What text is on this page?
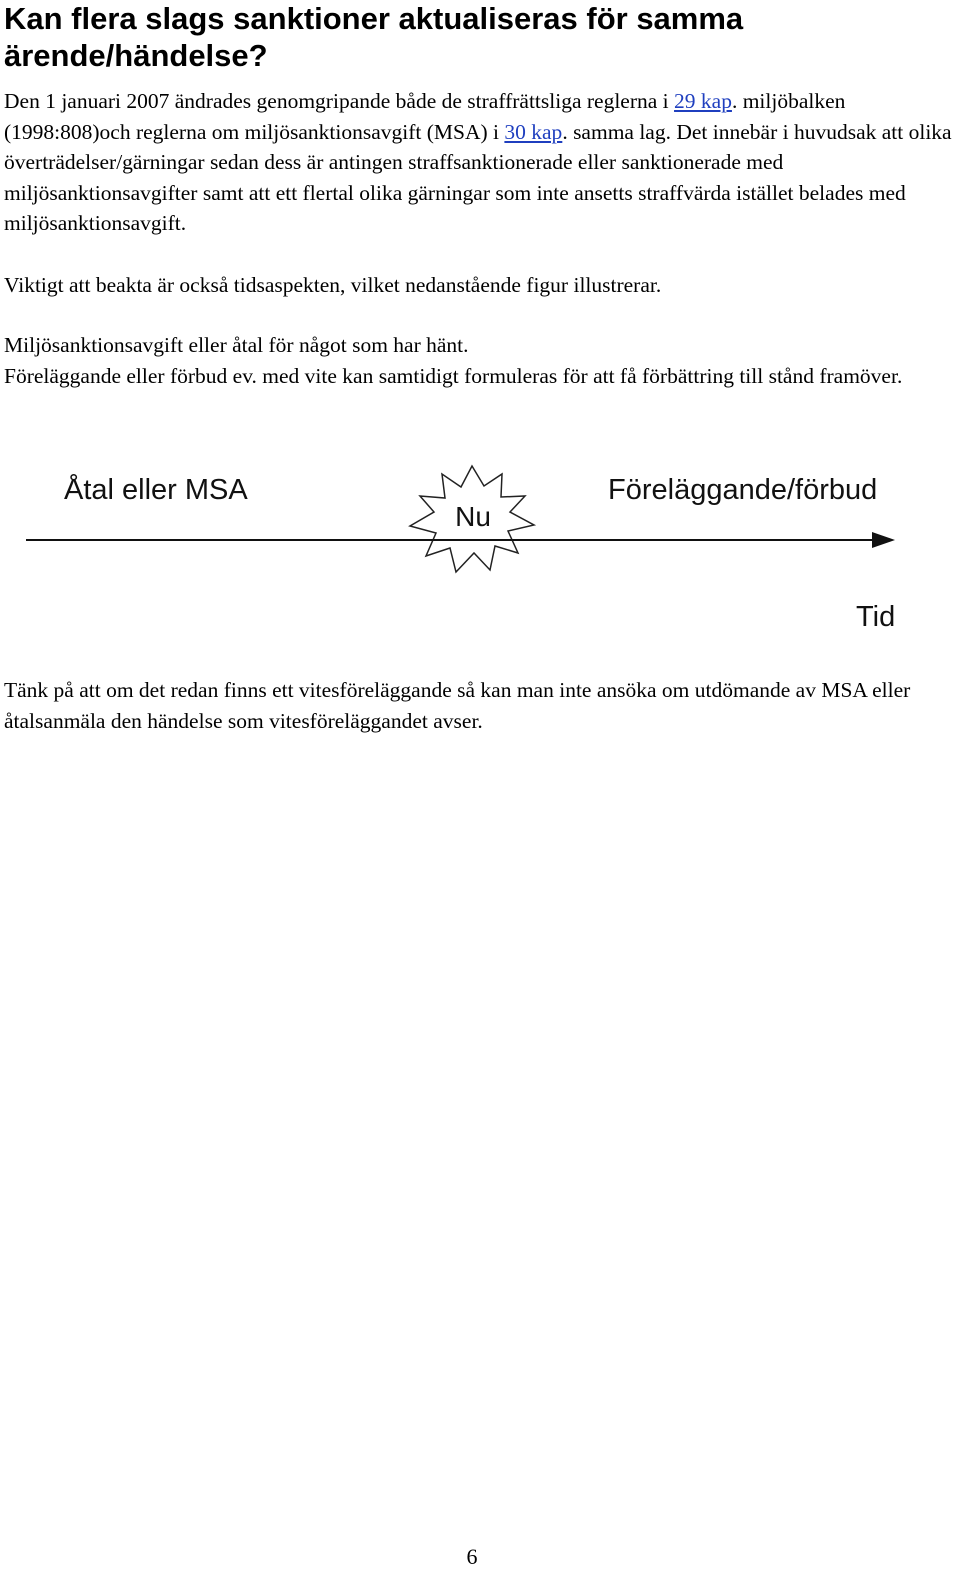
Kan flera slags sanktioner aktualiseras för samma ärende/händelse?

Den 1 januari 2007 ändrades genomgripande både de straffrättsliga reglerna i 29 kap. miljöbalken (1998:808)och reglerna om miljösanktionsavgift (MSA) i 30 kap. samma lag. Det innebär i huvudsak att olika överträdelser/gärningar sedan dess är antingen straffsanktionerade eller sanktionerade med miljösanktionsavgifter samt att ett flertal olika gärningar som inte ansetts straffvärda istället belades med miljösanktionsavgift.

Viktigt att beakta är också tidsaspekten, vilket nedanstående figur illustrerar.

Miljösanktionsavgift eller åtal för något som har hänt.
Föreläggande eller förbud ev. med vite kan samtidigt formuleras för att få förbättring till stånd framöver.

Åtal eller MSA
Nu
Föreläggande/förbud
Tid

Tänk på att om det redan finns ett vitesföreläggande så kan man inte ansöka om utdömande av MSA eller åtalsanmäla den händelse som vitesföreläggandet avser.

6
